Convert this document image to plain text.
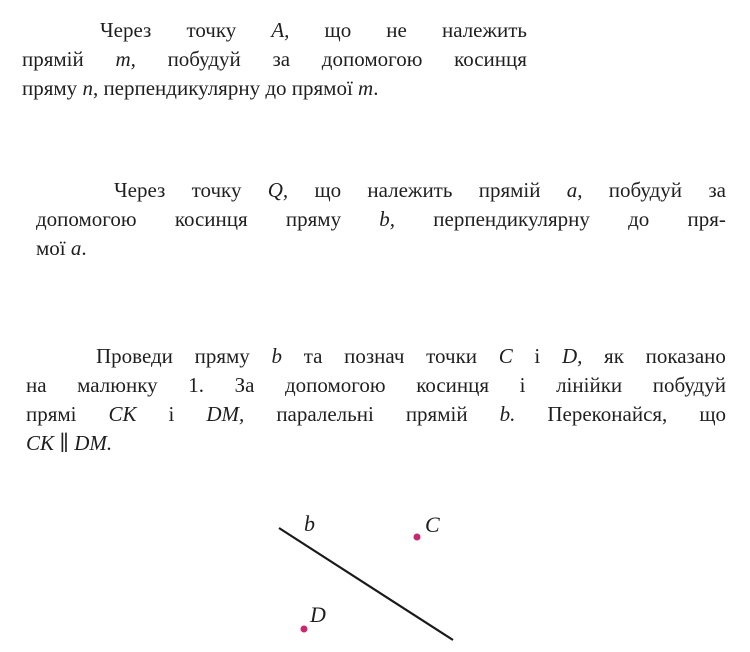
Через точку A, що не належить
прямій m, побудуй за допомогою косинця
пряму n, перпендикулярну до прямої m.
Через точку Q, що належить прямій a, побудуй за
допомогою косинця пряму b, перпендикулярну до пря-
мої a.
Проведи пряму b та познач точки C і D, як показано
на малюнку 1. За допомогою косинця і лінійки побудуй
прямі CK і DM, паралельні прямій b. Переконайся, що
CK ∥ DM.
b	C
D
